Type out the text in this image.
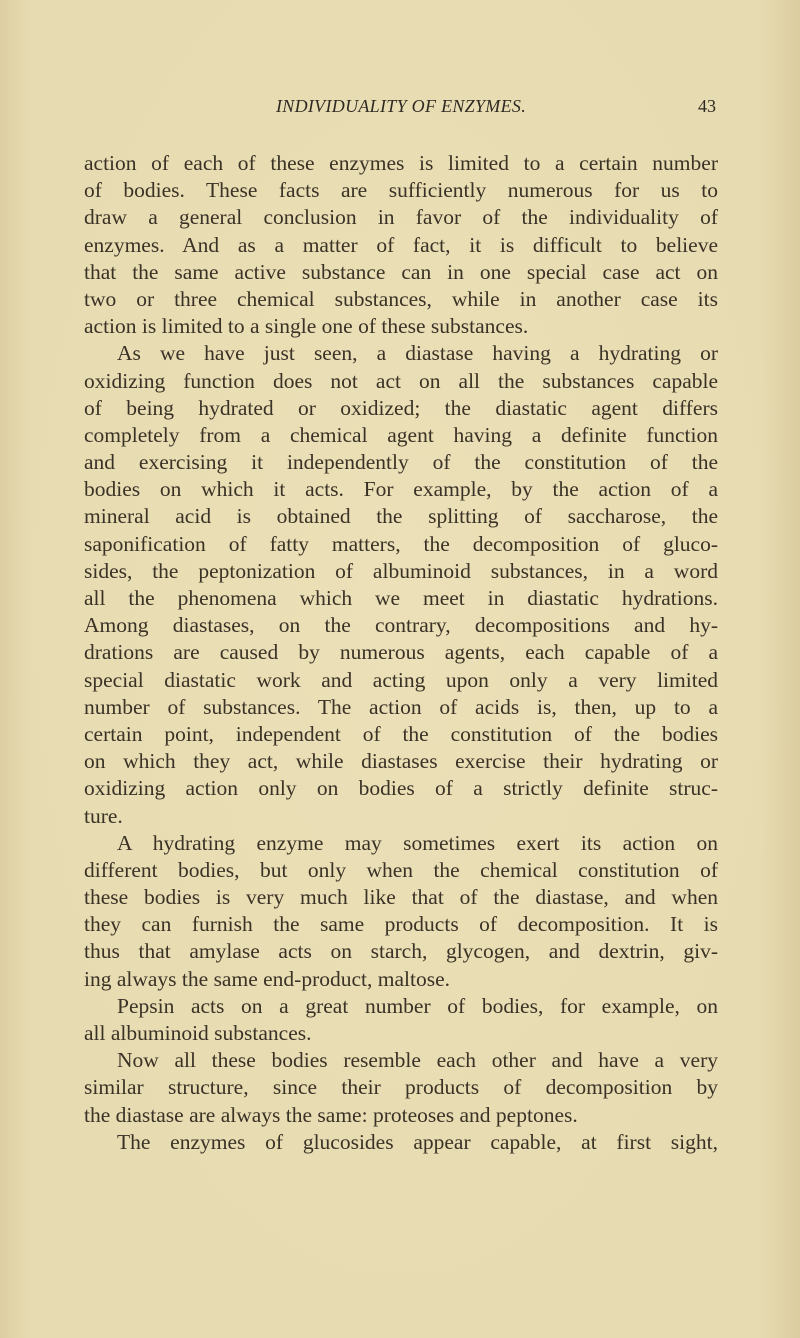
INDIVIDUALITY OF ENZYMES.	43
action of each of these enzymes is limited to a certain number
of bodies. These facts are sufficiently numerous for us to
draw a general conclusion in favor of the individuality of
enzymes. And as a matter of fact, it is difficult to believe
that the same active substance can in one special case act on
two or three chemical substances, while in another case its
action is limited to a single one of these substances.
As we have just seen, a diastase having a hydrating or
oxidizing function does not act on all the substances capable
of being hydrated or oxidized; the diastatic agent differs
completely from a chemical agent having a definite function
and exercising it independently of the constitution of the
bodies on which it acts. For example, by the action of a
mineral acid is obtained the splitting of saccharose, the
saponification of fatty matters, the decomposition of gluco-
sides, the peptonization of albuminoid substances, in a word
all the phenomena which we meet in diastatic hydrations.
Among diastases, on the contrary, decompositions and hy-
drations are caused by numerous agents, each capable of a
special diastatic work and acting upon only a very limited
number of substances. The action of acids is, then, up to a
certain point, independent of the constitution of the bodies
on which they act, while diastases exercise their hydrating or
oxidizing action only on bodies of a strictly definite struc-
ture.
A hydrating enzyme may sometimes exert its action on
different bodies, but only when the chemical constitution of
these bodies is very much like that of the diastase, and when
they can furnish the same products of decomposition. It is
thus that amylase acts on starch, glycogen, and dextrin, giv-
ing always the same end-product, maltose.
Pepsin acts on a great number of bodies, for example, on
all albuminoid substances.
Now all these bodies resemble each other and have a very
similar structure, since their products of decomposition by
the diastase are always the same: proteoses and peptones.
The enzymes of glucosides appear capable, at first sight,
